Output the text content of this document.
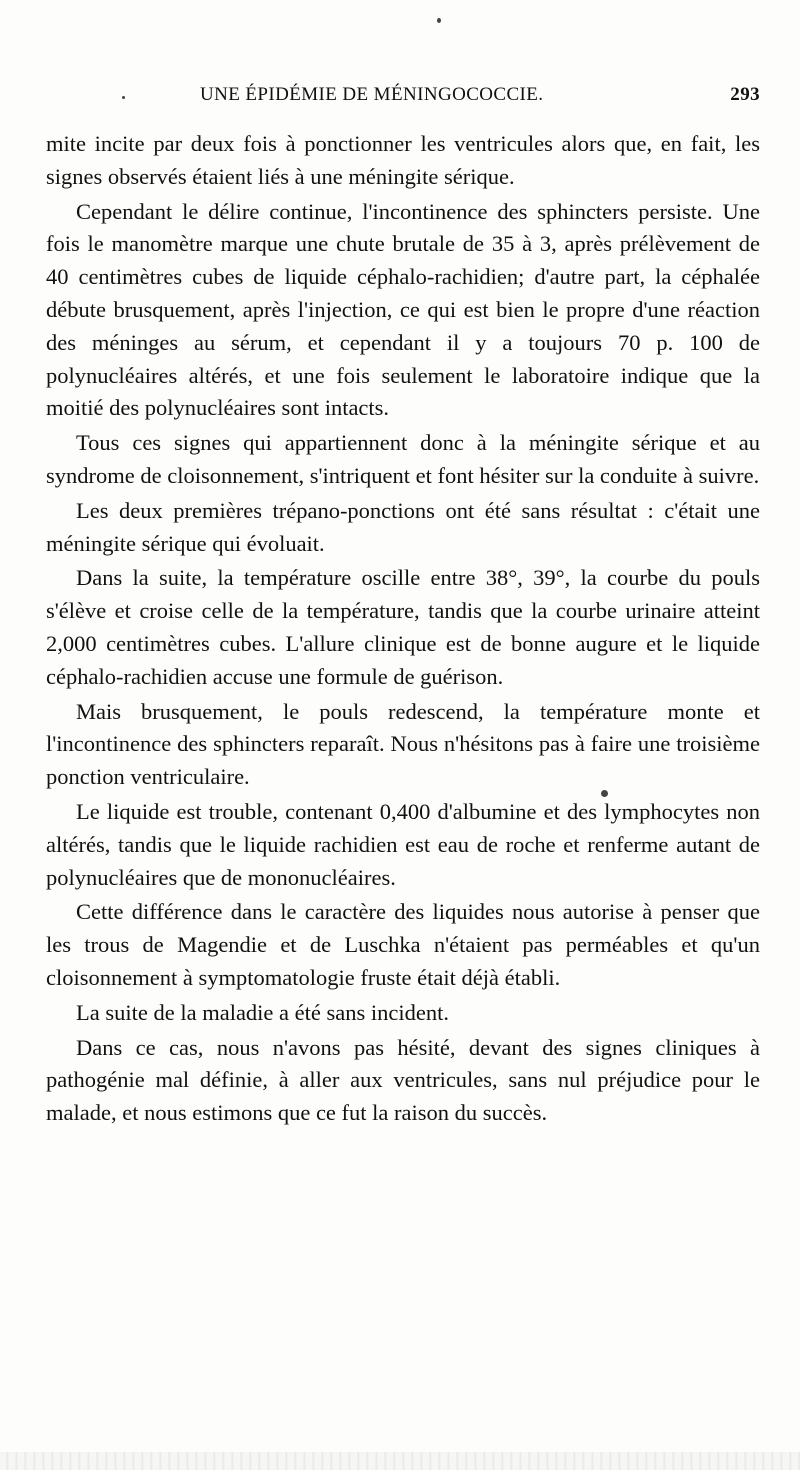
UNE ÉPIDÉMIE DE MÉNINGOCOCCIE.	293

mite incite par deux fois à ponctionner les ventricules alors que, en fait, les signes observés étaient liés à une méningite sérique.

Cependant le délire continue, l'incontinence des sphincters persiste. Une fois le manomètre marque une chute brutale de 35 à 3, après prélèvement de 40 centimètres cubes de liquide céphalo-rachidien; d'autre part, la céphalée débute brusquement, après l'injection, ce qui est bien le propre d'une réaction des méninges au sérum, et cependant il y a toujours 70 p. 100 de polynucléaires altérés, et une fois seulement le laboratoire indique que la moitié des polynucléaires sont intacts.

Tous ces signes qui appartiennent donc à la méningite sérique et au syndrome de cloisonnement, s'intriquent et font hésiter sur la conduite à suivre.

Les deux premières trépano-ponctions ont été sans résultat : c'était une méningite sérique qui évoluait.

Dans la suite, la température oscille entre 38°, 39°, la courbe du pouls s'élève et croise celle de la température, tandis que la courbe urinaire atteint 2,000 centimètres cubes. L'allure clinique est de bonne augure et le liquide céphalo-rachidien accuse une formule de guérison.

Mais brusquement, le pouls redescend, la température monte et l'incontinence des sphincters reparaît. Nous n'hésitons pas à faire une troisième ponction ventriculaire.

Le liquide est trouble, contenant 0,400 d'albumine et des lymphocytes non altérés, tandis que le liquide rachidien est eau de roche et renferme autant de polynucléaires que de mononucléaires.

Cette différence dans le caractère des liquides nous autorise à penser que les trous de Magendie et de Luschka n'étaient pas perméables et qu'un cloisonnement à symptomatologie fruste était déjà établi.

La suite de la maladie a été sans incident.

Dans ce cas, nous n'avons pas hésité, devant des signes cliniques à pathogénie mal définie, à aller aux ventricules, sans nul préjudice pour le malade, et nous estimons que ce fut la raison du succès.
